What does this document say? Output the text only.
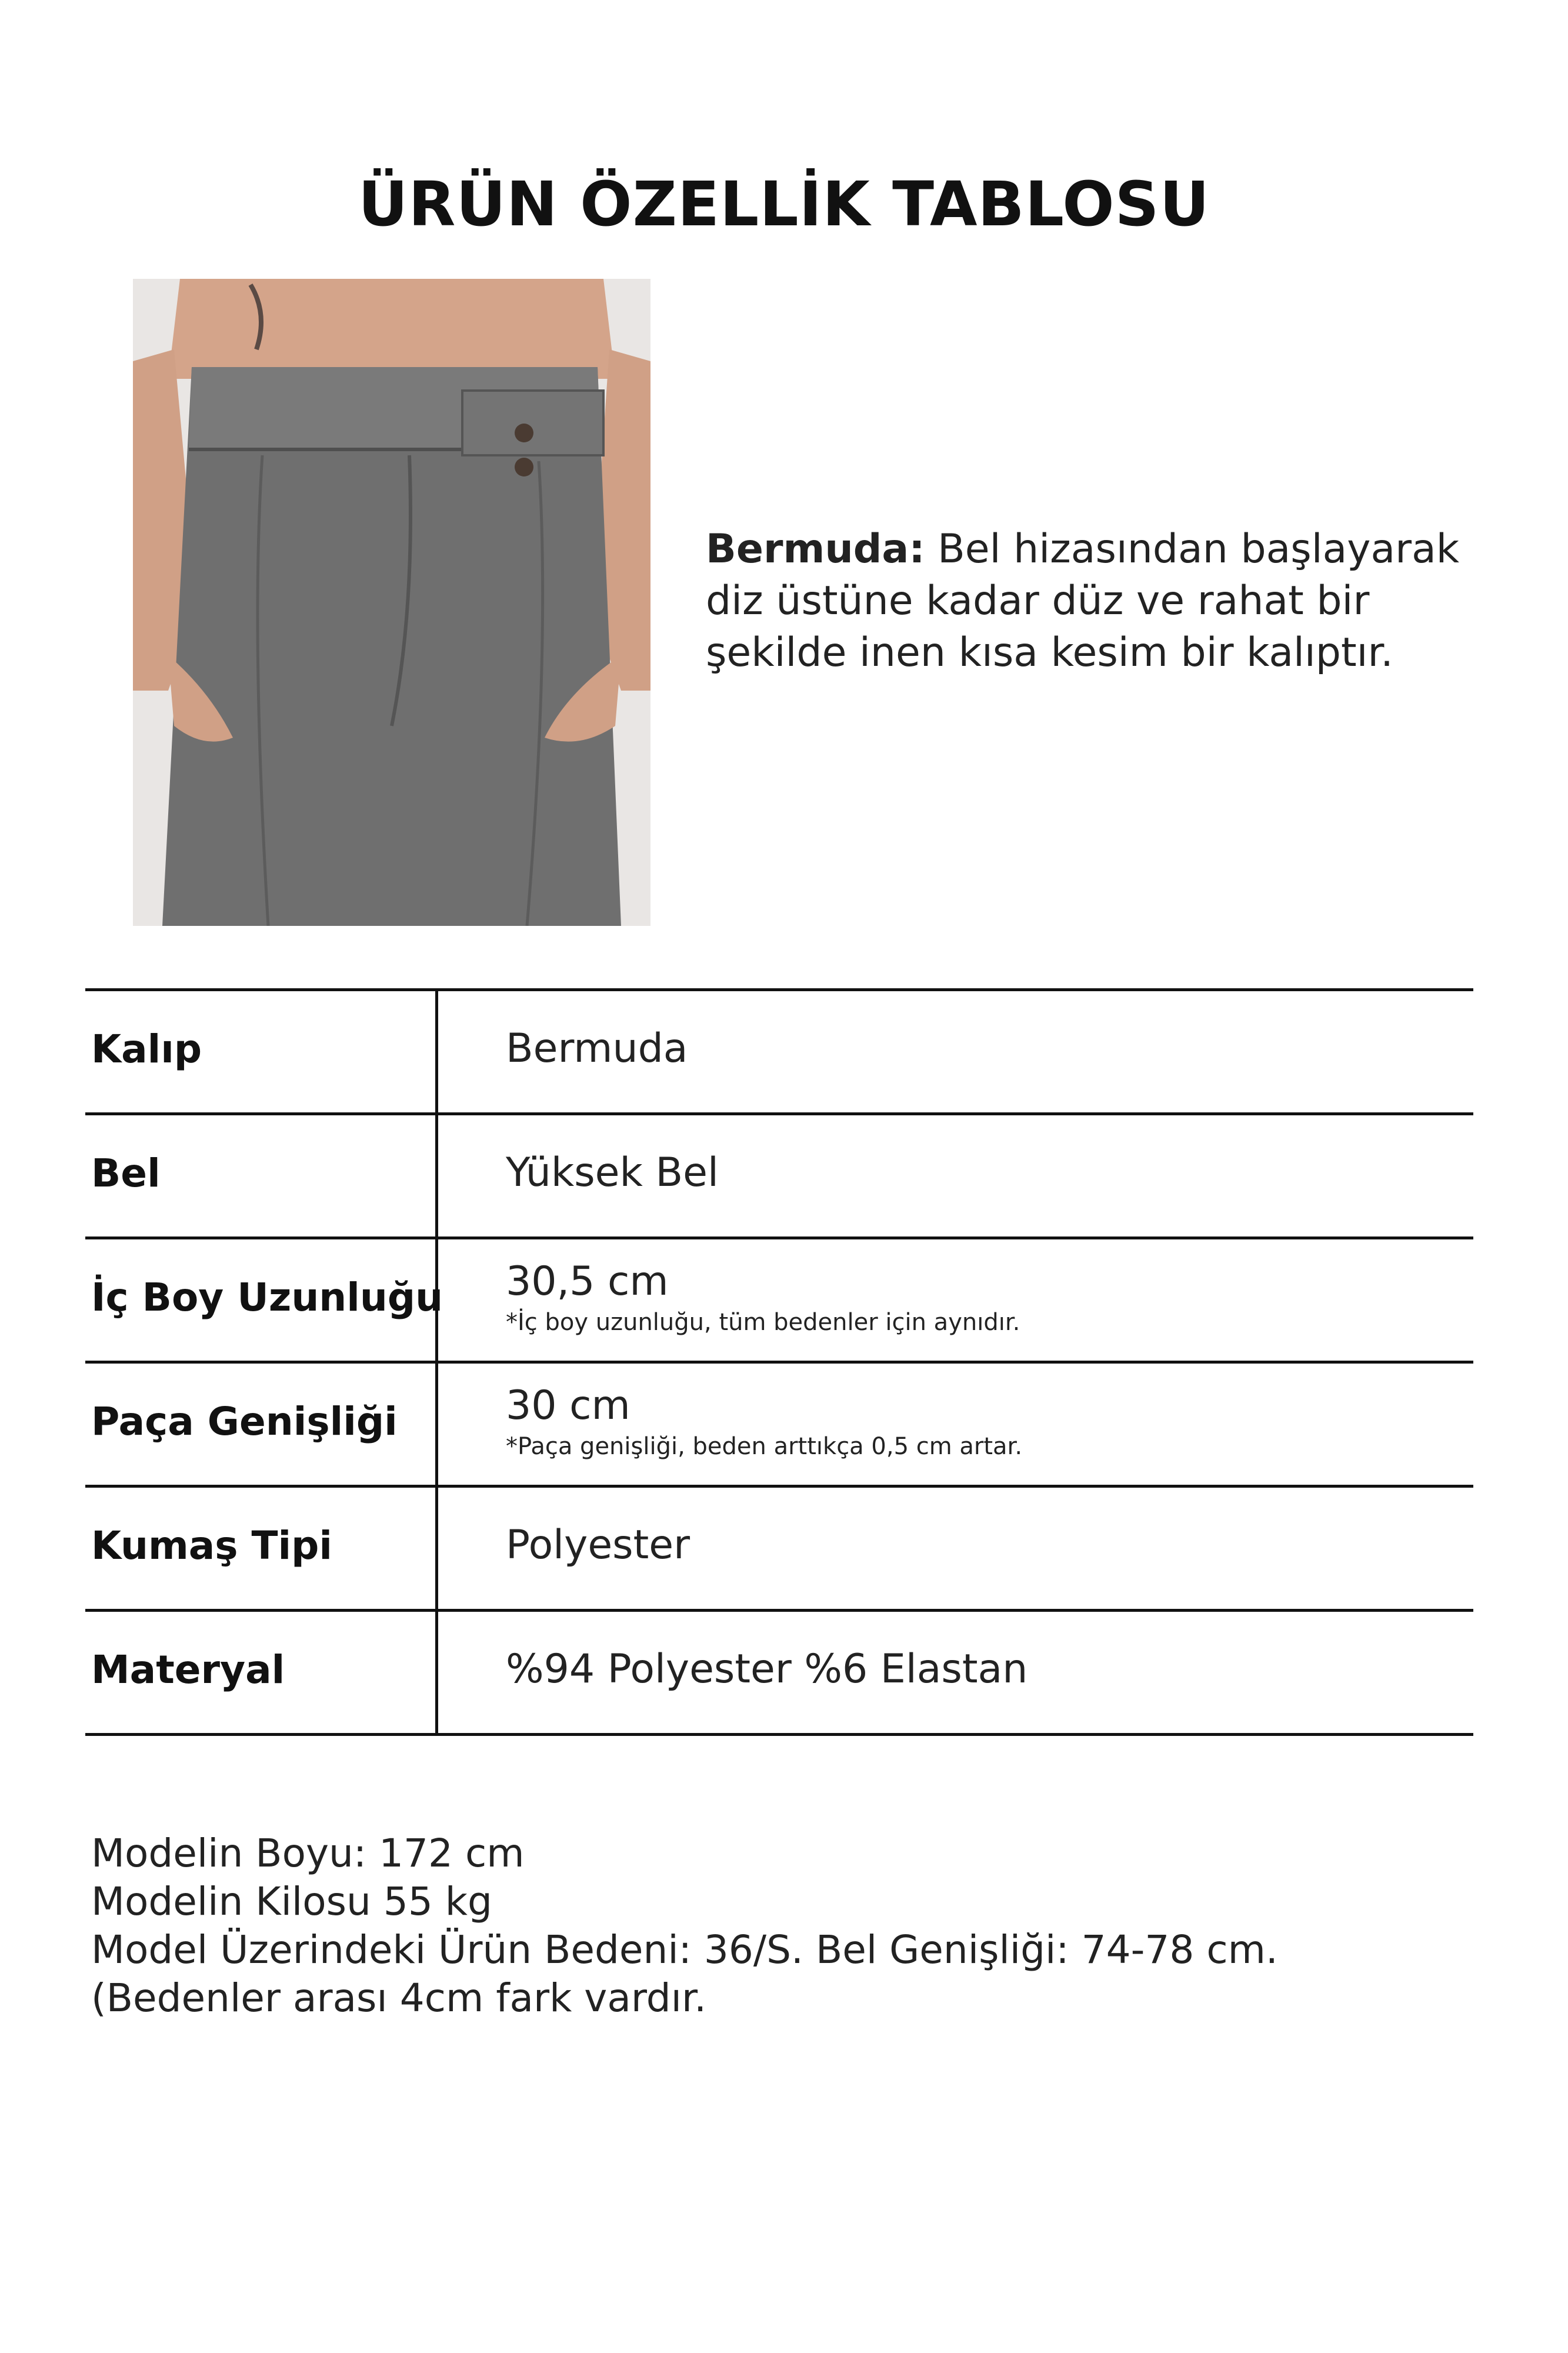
ÜRÜN ÖZELLİK TABLOSU
Bermuda: Bel hizasından başlayarak diz üstüne kadar düz ve rahat bir şekilde inen kısa kesim bir kalıptır.
Kalıp	Bermuda
Bel	Yüksek Bel
İç Boy Uzunluğu 30,5 cm
*İç boy uzunluğu, tüm bedenler için aynıdır.
Paça Genişliği	30 cm
*Paça genişliği, beden arttıkça 0,5 cm artar.
Kumaş Tipi	Polyester
Materyal	%94 Polyester %6 Elastan
Modelin Boyu: 172 cm
Modelin Kilosu 55 kg
Model Üzerindeki Ürün Bedeni: 36/S. Bel Genişliği: 74-78 cm. (Bedenler arası 4cm fark vardır.
